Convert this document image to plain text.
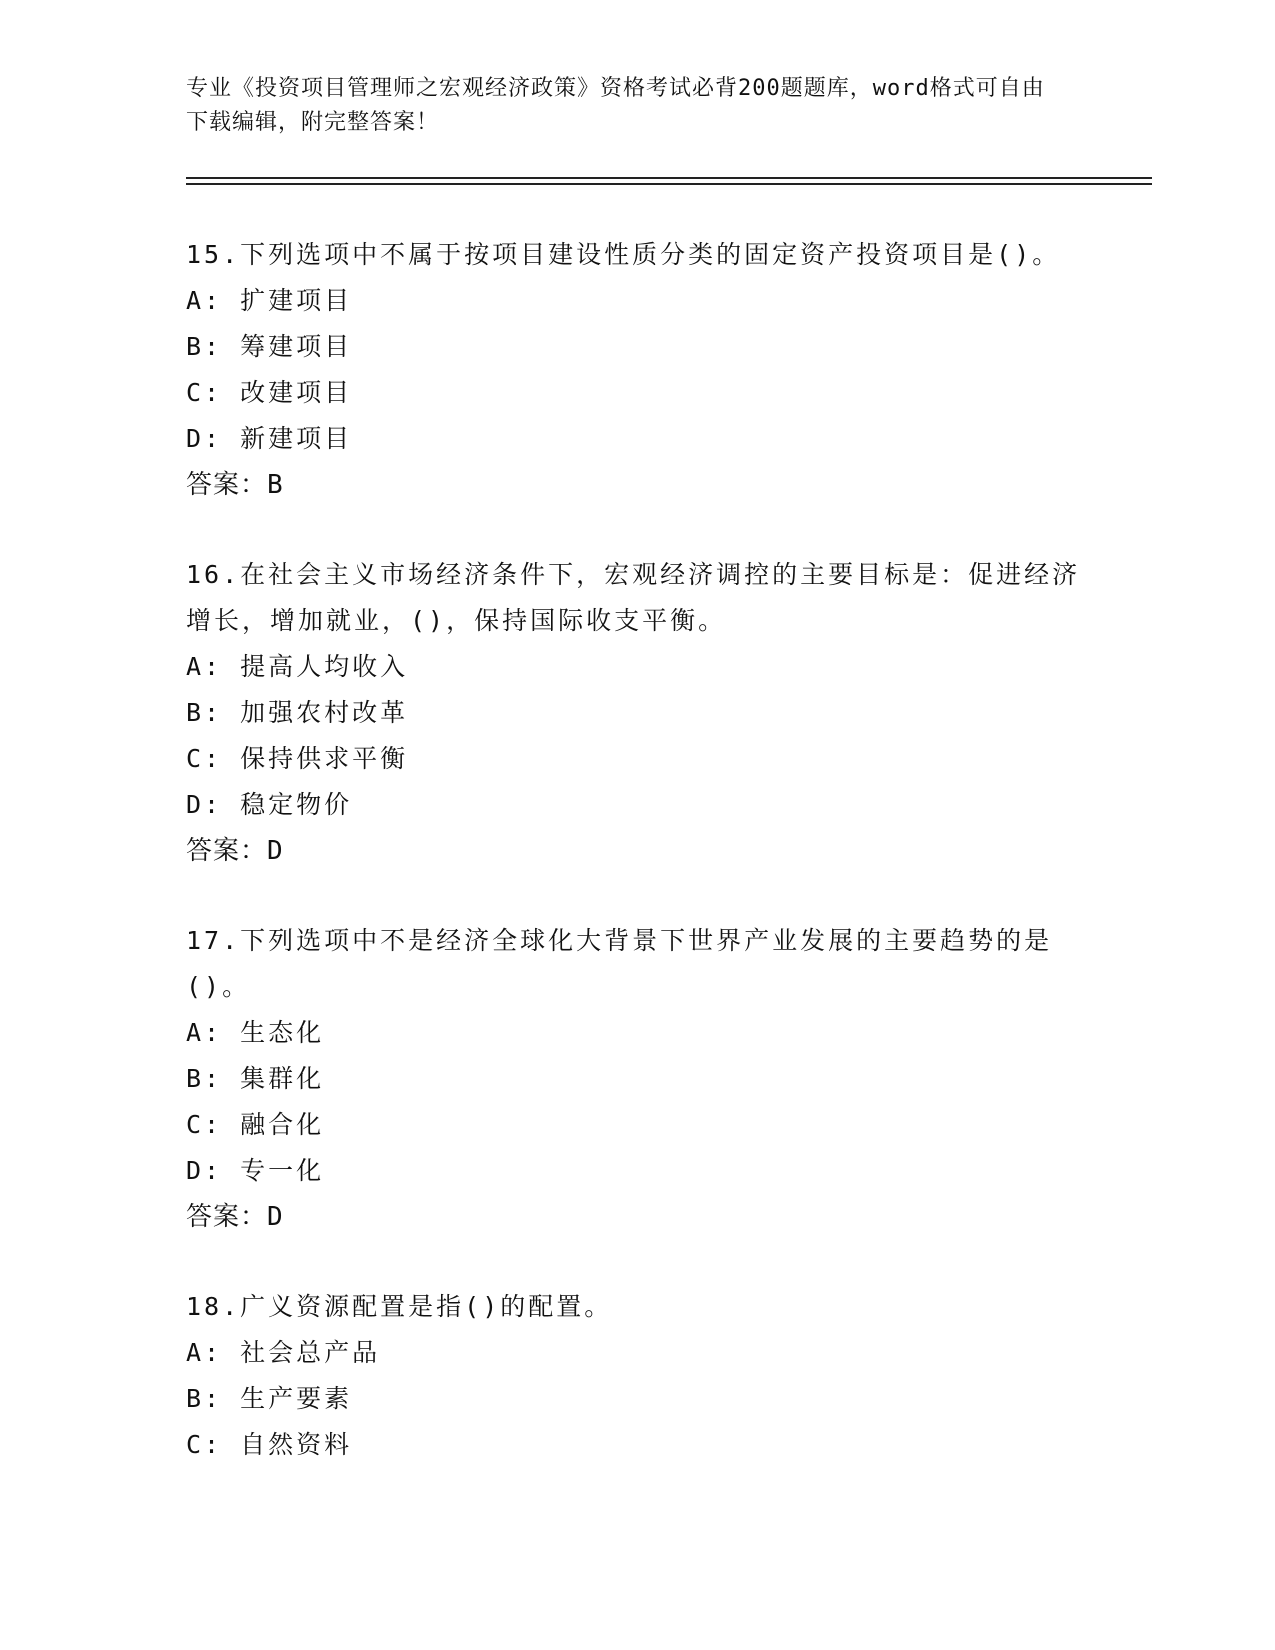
专业《投资项目管理师之宏观经济政策》资格考试必背200题题库，word格式可自由下载编辑，附完整答案！

15.下列选项中不属于按项目建设性质分类的固定资产投资项目是()。

A: 扩建项目

B: 筹建项目

C: 改建项目

D: 新建项目

答案：B

16.在社会主义市场经济条件下，宏观经济调控的主要目标是：促进经济增长，增加就业，()，保持国际收支平衡。

A: 提高人均收入

B: 加强农村改革

C: 保持供求平衡

D: 稳定物价

答案：D

17.下列选项中不是经济全球化大背景下世界产业发展的主要趋势的是()。

A: 生态化

B: 集群化

C: 融合化

D: 专一化

答案：D

18.广义资源配置是指()的配置。

A: 社会总产品

B: 生产要素

C: 自然资料
